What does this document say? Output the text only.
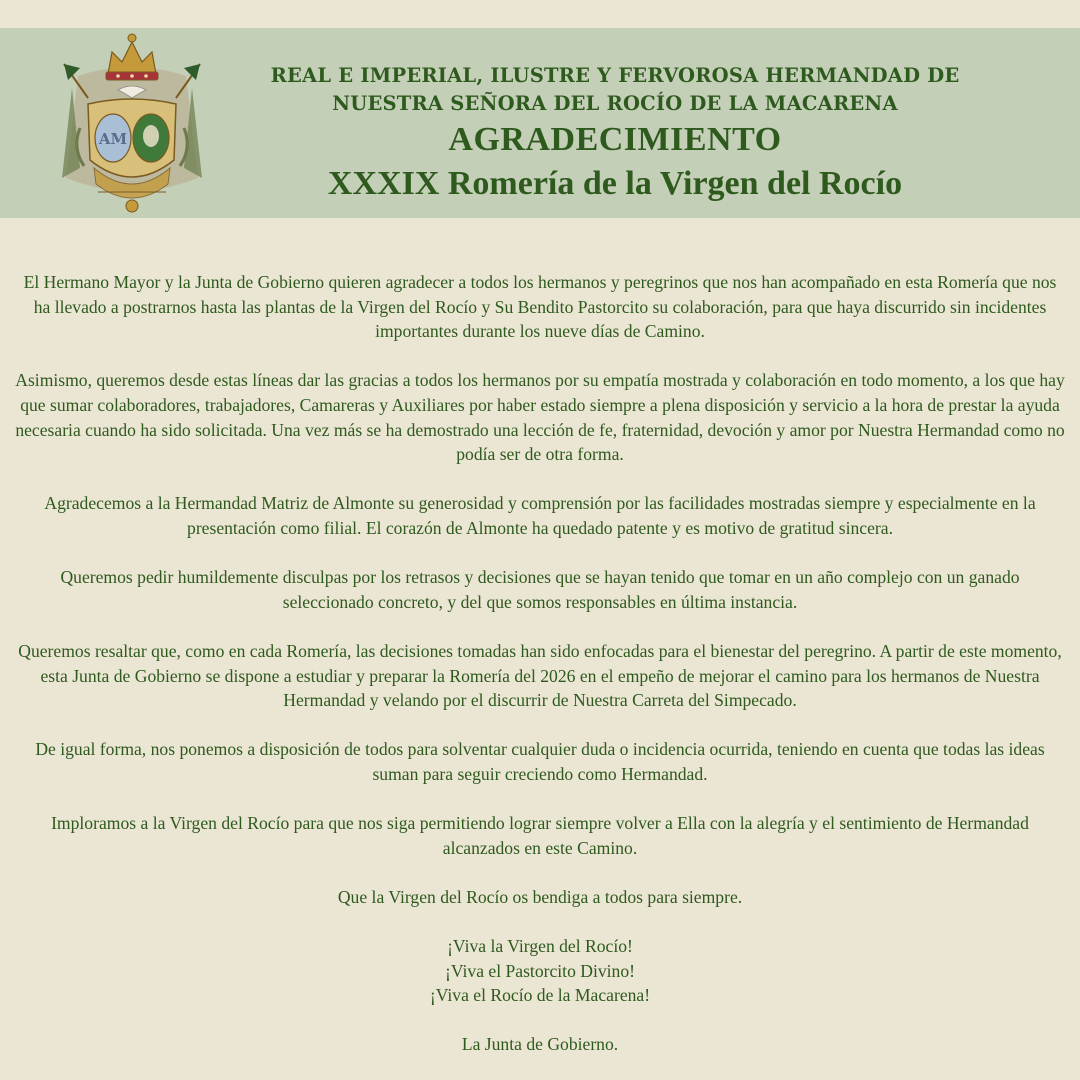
AM

REAL E IMPERIAL, ILUSTRE Y FERVOROSA HERMANDAD DE

NUESTRA SEÑORA DEL ROCÍO DE LA MACARENA

AGRADECIMIENTO

XXXIX Romería de la Virgen del Rocío

El Hermano Mayor y la Junta de Gobierno quieren agradecer a todos los hermanos y peregrinos que nos han acompañado en esta Romería que nos ha llevado a postrarnos hasta las plantas de la Virgen del Rocío y Su Bendito Pastorcito su colaboración, para que haya discurrido sin incidentes importantes durante los nueve días de Camino.

Asimismo, queremos desde estas líneas dar las gracias a todos los hermanos por su empatía mostrada y colaboración en todo momento, a los que hay que sumar colaboradores, trabajadores, Camareras y Auxiliares por haber estado siempre a plena disposición y servicio a la hora de prestar la ayuda necesaria cuando ha sido solicitada. Una vez más se ha demostrado una lección de fe, fraternidad, devoción y amor por Nuestra Hermandad como no podía ser de otra forma.

Agradecemos a la Hermandad Matriz de Almonte su generosidad y comprensión por las facilidades mostradas siempre y especialmente en la presentación como filial. El corazón de Almonte ha quedado patente y es motivo de gratitud sincera.

Queremos pedir humildemente disculpas por los retrasos y decisiones que se hayan tenido que tomar en un año complejo con un ganado seleccionado concreto, y del que somos responsables en última instancia.

Queremos resaltar que, como en cada Romería, las decisiones tomadas han sido enfocadas para el bienestar del peregrino. A partir de este momento, esta Junta de Gobierno se dispone a estudiar y preparar la Romería del 2026 en el empeño de mejorar el camino para los hermanos de Nuestra Hermandad y velando por el discurrir de Nuestra Carreta del Simpecado.

De igual forma, nos ponemos a disposición de todos para solventar cualquier duda o incidencia ocurrida, teniendo en cuenta que todas las ideas suman para seguir creciendo como Hermandad.

Imploramos a la Virgen del Rocío para que nos siga permitiendo lograr siempre volver a Ella con la alegría y el sentimiento de Hermandad alcanzados en este Camino.

Que la Virgen del Rocío os bendiga a todos para siempre.

¡Viva la Virgen del Rocío!

¡Viva el Pastorcito Divino!

¡Viva el Rocío de la Macarena!

La Junta de Gobierno.
